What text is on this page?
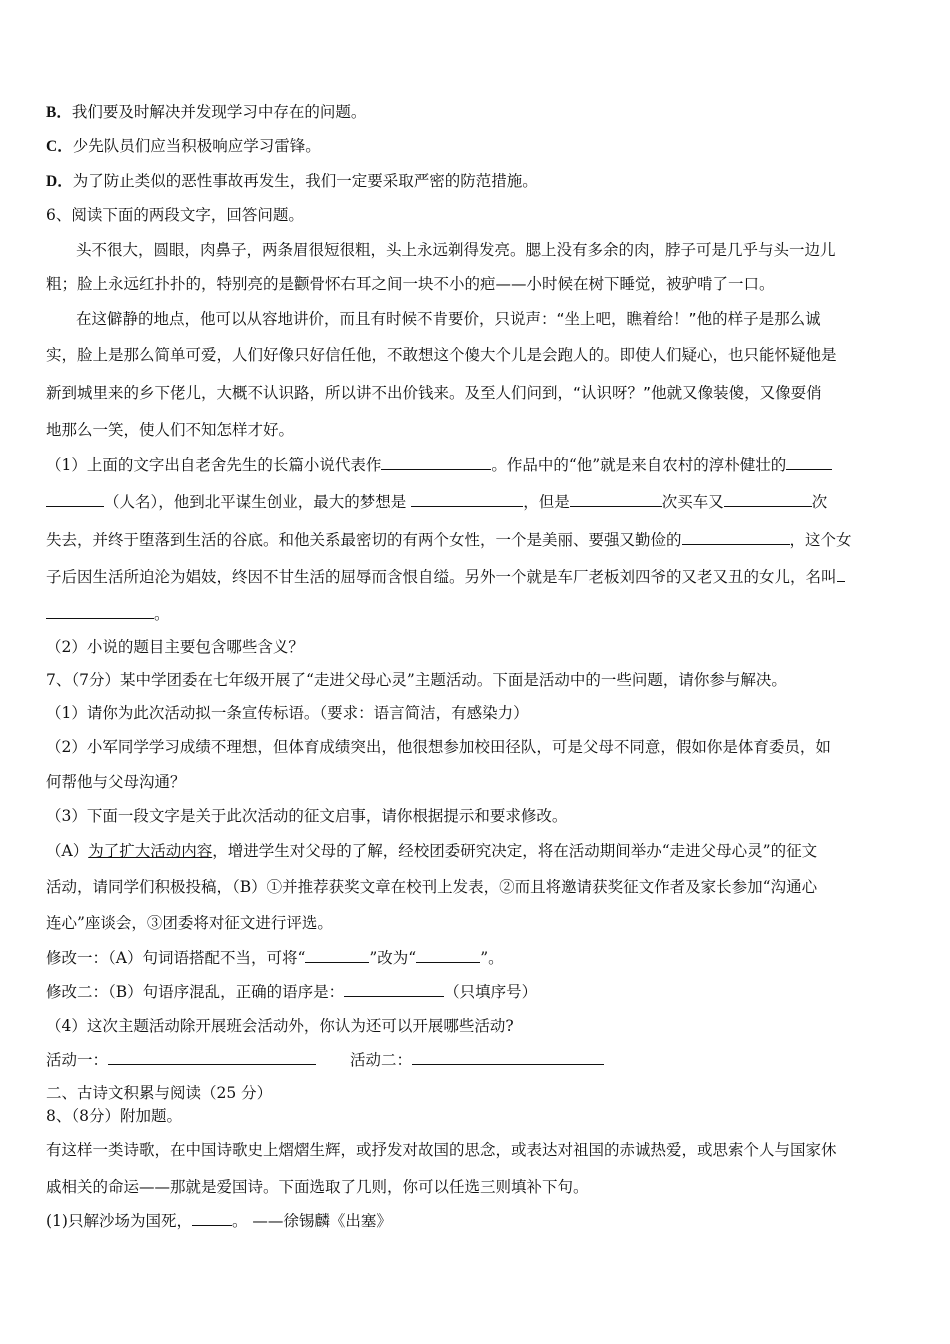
B．我们要及时解决并发现学习中存在的问题。
C．少先队员们应当积极响应学习雷锋。
D．为了防止类似的恶性事故再发生，我们一定要采取严密的防范措施。
6、阅读下面的两段文字，回答问题。
头不很大，圆眼，肉鼻子，两条眉很短很粗，头上永远剃得发亮。腮上没有多余的肉，脖子可是几乎与头一边儿
粗；脸上永远红扑扑的，特别亮的是颧骨怀右耳之间一块不小的疤——小时候在树下睡觉，被驴啃了一口。
在这僻静的地点，他可以从容地讲价，而且有时候不肯要价，只说声：“坐上吧，瞧着给！”他的样子是那么诚
实，脸上是那么简单可爱，人们好像只好信任他，不敢想这个傻大个儿是会跑人的。即使人们疑心，也只能怀疑他是
新到城里来的乡下佬儿，大概不认识路，所以讲不出价钱来。及至人们问到，“认识呀？”他就又像装傻，又像耍俏
地那么一笑，使人们不知怎样才好。
（1）上面的文字出自老舍先生的长篇小说代表作	。作品中的“他”就是来自农村的淳朴健壮的
（人名），他到北平谋生创业，最大的梦想是	，但是	次买车又	次
失去，并终于堕落到生活的谷底。和他关系最密切的有两个女性，一个是美丽、要强又勤俭的	，这个女
子后因生活所迫沦为娼妓，终因不甘生活的屈辱而含恨自缢。另外一个就是车厂老板刘四爷的又老又丑的女儿，名叫
。
（2）小说的题目主要包含哪些含义？
7、（7分）某中学团委在七年级开展了“走进父母心灵”主题活动。下面是活动中的一些问题，请你参与解决。
（1）请你为此次活动拟一条宣传标语。（要求：语言简洁，有感染力）
（2）小军同学学习成绩不理想，但体育成绩突出，他很想参加校田径队，可是父母不同意，假如你是体育委员，如
何帮他与父母沟通？
（3）下面一段文字是关于此次活动的征文启事，请你根据提示和要求修改。
（A）为了扩大活动内容，增进学生对父母的了解，经校团委研究决定，将在活动期间举办“走进父母心灵”的征文
活动，请同学们积极投稿，（B）①并推荐获奖文章在校刊上发表，②而且将邀请获奖征文作者及家长参加“沟通心
连心”座谈会，③团委将对征文进行评选。
修改一：（A）句词语搭配不当，可将“	”改为“	”。
修改二：（B）句语序混乱，正确的语序是：	（只填序号）
（4）这次主题活动除开展班会活动外，你认为还可以开展哪些活动?
活动一：	活动二：
二、古诗文积累与阅读（25 分）
8、（8分）附加题。
有这样一类诗歌，在中国诗歌史上熠熠生辉，或抒发对故国的思念，或表达对祖国的赤诚热爱，或思索个人与国家休
戚相关的命运——那就是爱国诗。下面选取了几则，你可以任选三则填补下句。
(1)只解沙场为国死，	。 ——徐锡麟《出塞》
